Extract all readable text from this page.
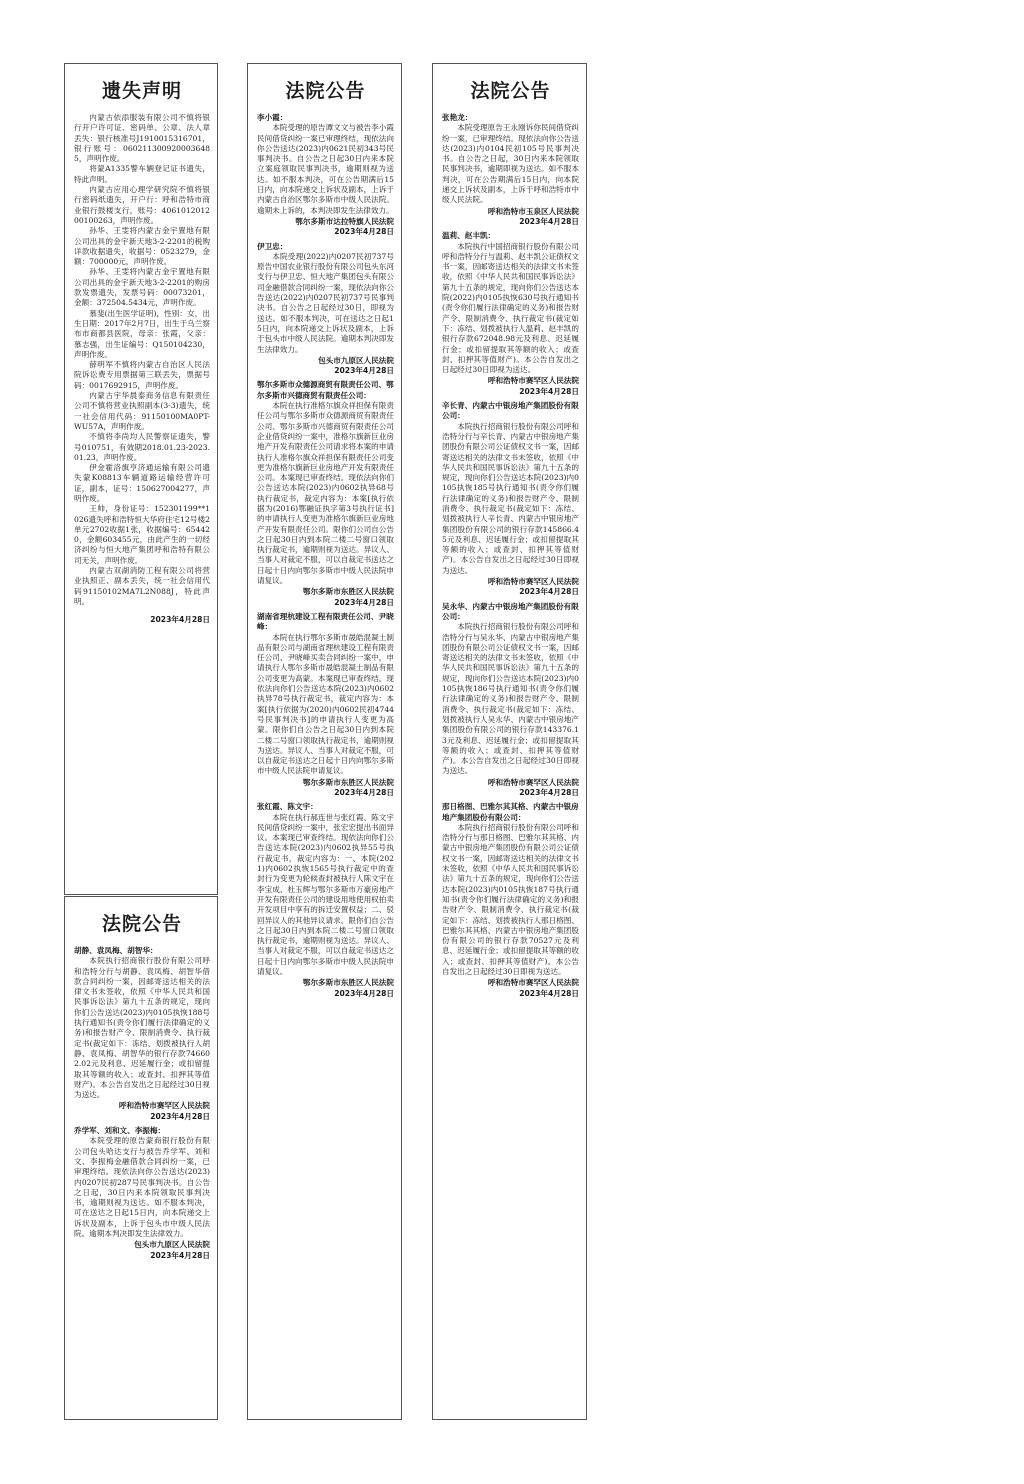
遗失声明

内蒙古依添服装有限公司不慎将银行开户许可证、密码单、公章、法人章丢失：银行核准号J1910015316701，银行账号：0602113009200036485，声明作废。

将蒙A1335警车辆登记证书遗失，特此声明。

内蒙古应用心理学研究院不慎将银行密码纸遗失，开户行：呼和浩特市商业银行鼓楼支行，账号：406101201200100263，声明作废。

孙华、王雯将内蒙古金宇置地有限公司出具的金宇新天地3-2-2201的税购详款收据遗失，收据号：0523279，金额：700000元，声明作废。

孙华、王雯将内蒙古金宇置地有限公司出具的金宇新天地3-2-2201的购房款发票遗失，发票号码：00073201，金额：372504.5434元，声明作废。

慕斐(出生医学证明)，性别：女，出生日期：2017年2月7日，出生于乌兰察布市商都县医院，母亲：张霞，父亲：慕志强，出生证编号：Q150104230，声明作废。

薛明军不慎将内蒙古自治区人民法院诉讼费专用票据第三联丢失，票据号码：0017692915，声明作废。

内蒙古宇华晨泰商务信息有限责任公司不慎将营业执照副本(3-3)遗失，统一社会信用代码：91150100MA0PT-WU57A，声明作废。

不慎将李尚均人民警察证遗失，警号010751，有效期2018.01.23-2023.01.23，声明作废。

伊金霍洛旗亨济通运输有限公司遗失蒙K08813车辆道路运输经营许可证，副本，证号：150627004277，声明作废。

王帅，身份证号：152301199**1026遗失呼和浩特恒大华府住宅12号楼2单元2702收据1张，收据编号：654420，金额603455元，由此产生的一切经济纠纷与恒大地产集团呼和浩特有限公司无关，声明作废。

内蒙古双湖消防工程有限公司将营业执照正、副本丢失，统一社会信用代码91150102MA7L2N088J，特此声明。

2023年4月28日

法院公告

胡静、袁凤梅、胡智华：

本院执行招商银行股份有限公司呼和浩特分行与胡静、袁凤梅、胡智华借款合同纠纷一案，因邮寄送达相关的法律文书未签收，依照《中华人民共和国民事诉讼法》第九十五条的规定，现向你们公告送达(2023)内0105执恢188号执行通知书(责令你们履行法律确定的义务)和报告财产令、限制消费令、执行裁定书(裁定如下：冻结、划拨被执行人胡静、袁凤梅、胡智华的银行存款746602.02元及利息、迟延履行金；或扣留提取其等额的收入；或查封、扣押其等值财产)。本公告自发出之日起经过30日视为送达。

呼和浩特市赛罕区人民法院

2023年4月28日

乔学军、刘和文、李振梅：

本院受理的原告蒙商银行股份有限公司包头哈达支行与被告乔学军、刘和文、李振梅金融借款合同纠纷一案，已审理终结。现依法向你公告送达(2023)内0207民初287号民事判决书。自公告之日起，30日内来本院领取民事判决书，逾期则视为送达。如不服本判决，可在送达之日起15日内，向本院递交上诉状及副本，上诉于包头市中级人民法院。逾期本判决即发生法律效力。

包头市九原区人民法院

2023年4月28日

法院公告

李小霞：

本院受理的原告谭文文与被告李小霞民间借贷纠纷一案已审理终结，现依法向你公告送达(2023)内0621民初343号民事判决书。自公告之日起30日内来本院立案庭领取民事判决书，逾期则视为送达。如不服本判决，可在公告期满后15日内，向本院递交上诉状及副本，上诉于内蒙古自治区鄂尔多斯市中级人民法院。逾期未上诉的，本判决即发生法律效力。

鄂尔多斯市达拉特旗人民法院

2023年4月28日

伊卫忠：

本院受理(2022)内0207民初737号原告中国农业银行股份有限公司包头东河支行与伊卫忠、恒大地产集团包头有限公司金融借款合同纠纷一案，现依法向你公告送达(2022)内0207民初737号民事判决书。自公告之日起经过30日，即视为送达。如不服本判决，可在送达之日起15日内，向本院递交上诉状及副本，上诉于包头市中级人民法院。逾期本判决即发生法律效力。

包头市九原区人民法院

2023年4月28日

鄂尔多斯市众德源商贸有限责任公司、鄂尔多斯市兴德商贸有限责任公司：

本院在执行准格尔旗众祥担保有限责任公司与鄂尔多斯市众德源商贸有限责任公司、鄂尔多斯市兴德商贸有限责任公司企业借贷纠纷一案中，准格尔旗新巨业房地产开发有限责任公司请求将本案的申请执行人准格尔旗众祥担保有限责任公司变更为准格尔旗新巨业房地产开发有限责任公司。本案现已审查终结。现依法向你们公告送达本院(2023)内0602执异68号执行裁定书，裁定内容为：本案[执行依据为(2016)鄂融证执字第3号执行证书]的申请执行人变更为准格尔旗新巨业房地产开发有限责任公司。限你们公司自公告之日起30日内到本院二楼二号窗口领取执行裁定书，逾期则视为送达。异议人、当事人对裁定不服，可以自裁定书送达之日起十日内向鄂尔多斯市中级人民法院申请复议。

鄂尔多斯市东胜区人民法院

2023年4月28日

湖南省理杭建设工程有限责任公司、尹晓峰：

本院在执行鄂尔多斯市晟皓混凝土制品有限公司与湖南省理杭建设工程有限责任公司、尹晓峰买卖合同纠纷一案中，申请执行人鄂尔多斯市晟皓混凝土制品有限公司变更为高蒙。本案现已审查终结。现依法向你们公告送达本院(2023)内0602执异78号执行裁定书，裁定内容为：本案[执行依据为(2020)内0602民初4744号民事判决书]的申请执行人变更为高蒙。限你们自公告之日起30日内到本院二楼二号窗口领取执行裁定书，逾期则视为送达。异议人、当事人对裁定不服，可以自裁定书送达之日起十日内向鄂尔多斯市中级人民法院申请复议。

鄂尔多斯市东胜区人民法院

2023年4月28日

张红霞、陈文宇：

本院在执行郝连世与张红霞、陈文宇民间借贷纠纷一案中，张宏宏提出书面异议。本案现已审查终结。现依法向你们公告送达本院(2023)内0602执异55号执行裁定书，裁定内容为：一、本院(2021)内0602执恢1565号执行裁定中的查封行为变更为轮候查封被执行人陈文宇在李宝成、杜玉辉与鄂尔多斯市万豪房地产开发有限责任公司的建设用地使用权拍卖开发项目中享有的拆迁安置权益；二、驳回异议人的其他异议请求。限你们自公告之日起30日内到本院二楼二号窗口领取执行裁定书，逾期则视为送达。异议人、当事人对裁定不服，可以自裁定书送达之日起十日内向鄂尔多斯市中级人民法院申请复议。

鄂尔多斯市东胜区人民法院

2023年4月28日

法院公告

张艳龙：

本院受理原告王永刚诉你民间借贷纠纷一案，已审理终结。现依法向你公告送达(2023)内0104民初105号民事判决书。自公告之日起，30日内来本院领取民事判决书，逾期即视为送达。如不服本判决，可在公告期满后15日内，向本院递交上诉状及副本，上诉于呼和浩特市中级人民法院。

呼和浩特市玉泉区人民法院

2023年4月28日

温莉、赵丰凯：

本院执行中国招商银行股份有限公司呼和浩特分行与温莉、赵丰凯公证债权文书一案，因邮寄送达相关的法律文书未签收，依照《中华人民共和国民事诉讼法》第九十五条的规定，现向你们公告送达本院(2022)内0105执恢630号执行通知书(责令你们履行法律确定的义务)和报告财产令、限制消费令、执行裁定书(裁定如下：冻结、划拨被执行人温莉、赵丰凯的银行存款672048.98元及利息、迟延履行金；或扣留提取其等额的收入；或查封、扣押其等值财产)。本公告自发出之日起经过30日即视为送达。

呼和浩特市赛罕区人民法院

2023年4月28日

辛长青、内蒙古中银房地产集团股份有限公司：

本院执行招商银行股份有限公司呼和浩特分行与辛长青、内蒙古中银房地产集团股份有限公司公证债权文书一案，因邮寄送达相关的法律文书未签收，依照《中华人民共和国民事诉讼法》第九十五条的规定，现向你们公告送达本院(2023)内0105执恢185号执行通知书(责令你们履行法律确定的义务)和报告财产令、限制消费令、执行裁定书(裁定如下：冻结、划拨被执行人辛长青、内蒙古中银房地产集团股份有限公司的银行存款145866.45元及利息、迟延履行金；或扣留提取其等额的收入；或查封、扣押其等值财产)。本公告自发出之日起经过30日即视为送达。

呼和浩特市赛罕区人民法院

2023年4月28日

吴永华、内蒙古中银房地产集团股份有限公司：

本院执行招商银行股份有限公司呼和浩特分行与吴永华、内蒙古中银房地产集团股份有限公司公证债权文书一案，因邮寄送达相关的法律文书未签收，依照《中华人民共和国民事诉讼法》第九十五条的规定，现向你们公告送达本院(2023)内0105执恢186号执行通知书(责令你们履行法律确定的义务)和报告财产令、限制消费令、执行裁定书(裁定如下：冻结、划拨被执行人吴永华、内蒙古中银房地产集团股份有限公司的银行存款143376.13元及利息、迟延履行金；或扣留提取其等额的收入；或查封、扣押其等值财产)。本公告自发出之日起经过30日即视为送达。

呼和浩特市赛罕区人民法院

2023年4月28日

那日格图、巴雅尔其其格、内蒙古中银房地产集团股份有限公司：

本院执行招商银行股份有限公司呼和浩特分行与那日格图、巴雅尔其其格、内蒙古中银房地产集团股份有限公司公证债权文书一案，因邮寄送达相关的法律文书未签收，依照《中华人民共和国民事诉讼法》第九十五条的规定，现向你们公告送达本院(2023)内0105执恢187号执行通知书(责令你们履行法律确定的义务)和报告财产令、限制消费令、执行裁定书(裁定如下：冻结、划拨被执行人那日格图、巴雅尔其其格、内蒙古中银房地产集团股份有限公司的银行存款70527元及利息、迟延履行金；或扣留提取其等额的收入；或查封、扣押其等值财产)。本公告自发出之日起经过30日即视为送达。

呼和浩特市赛罕区人民法院

2023年4月28日
